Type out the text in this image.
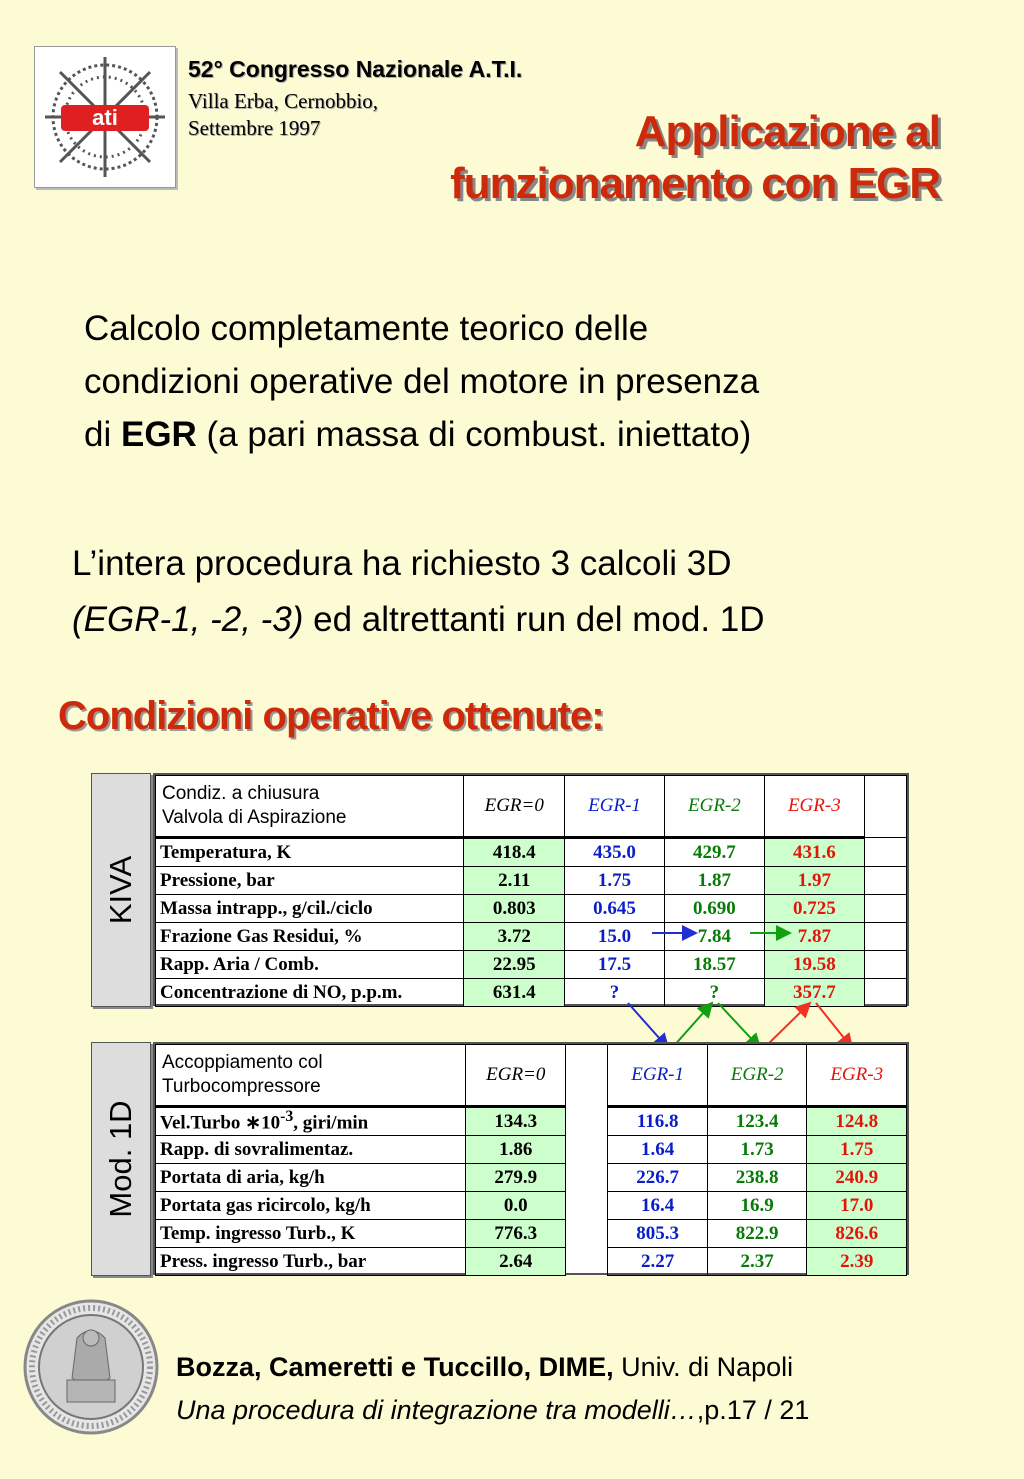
ati
52° Congresso Nazionale A.T.I.
Villa Erba, Cernobbio,
Settembre 1997	Applicazione al
funzionamento con EGR
Calcolo completamente teorico delle
condizioni operative del motore in presenza
di EGR (a pari massa di combust. iniettato)
L’intera procedura ha richiesto 3 calcoli 3D
(EGR-1, -2, -3) ed altrettanti run del mod. 1D
Condizioni operative ottenute:
KIVA
Condiz. a chiusura
Valvola di Aspirazione	EGR=0	EGR-1	EGR-2	EGR-3	
Temperatura, K	418.4	435.0	429.7	431.6	
Pressione, bar	2.11	1.75	1.87	1.97	
Massa intrapp., g/cil./ciclo	0.803	0.645	0.690	0.725	
Frazione Gas Residui, %	3.72	15.0	7.84	7.87	
Rapp. Aria / Comb.	22.95	17.5	18.57	19.58	
Concentrazione di NO, p.p.m.	631.4	?	?	357.7	
Mod. 1D
Accoppiamento col
Turbocompressore	EGR=0		EGR-1	EGR-2	EGR-3
Vel.Turbo $∗10^{-3}$, giri/min	134.3		116.8	123.4	124.8
Rapp. di sovralimentaz.	1.86		1.64	1.73	1.75
Portata di aria, kg/h	279.9		226.7	238.8	240.9
Portata gas ricircolo, kg/h	0.0		16.4	16.9	17.0
Temp. ingresso Turb., K	776.3		805.3	822.9	826.6
Press. ingresso Turb., bar	2.64		2.27	2.37	2.39
Bozza, Cameretti e Tuccillo, DIME, Univ. di Napoli
Una procedura di integrazione tra modelli…,p.17 / 21
